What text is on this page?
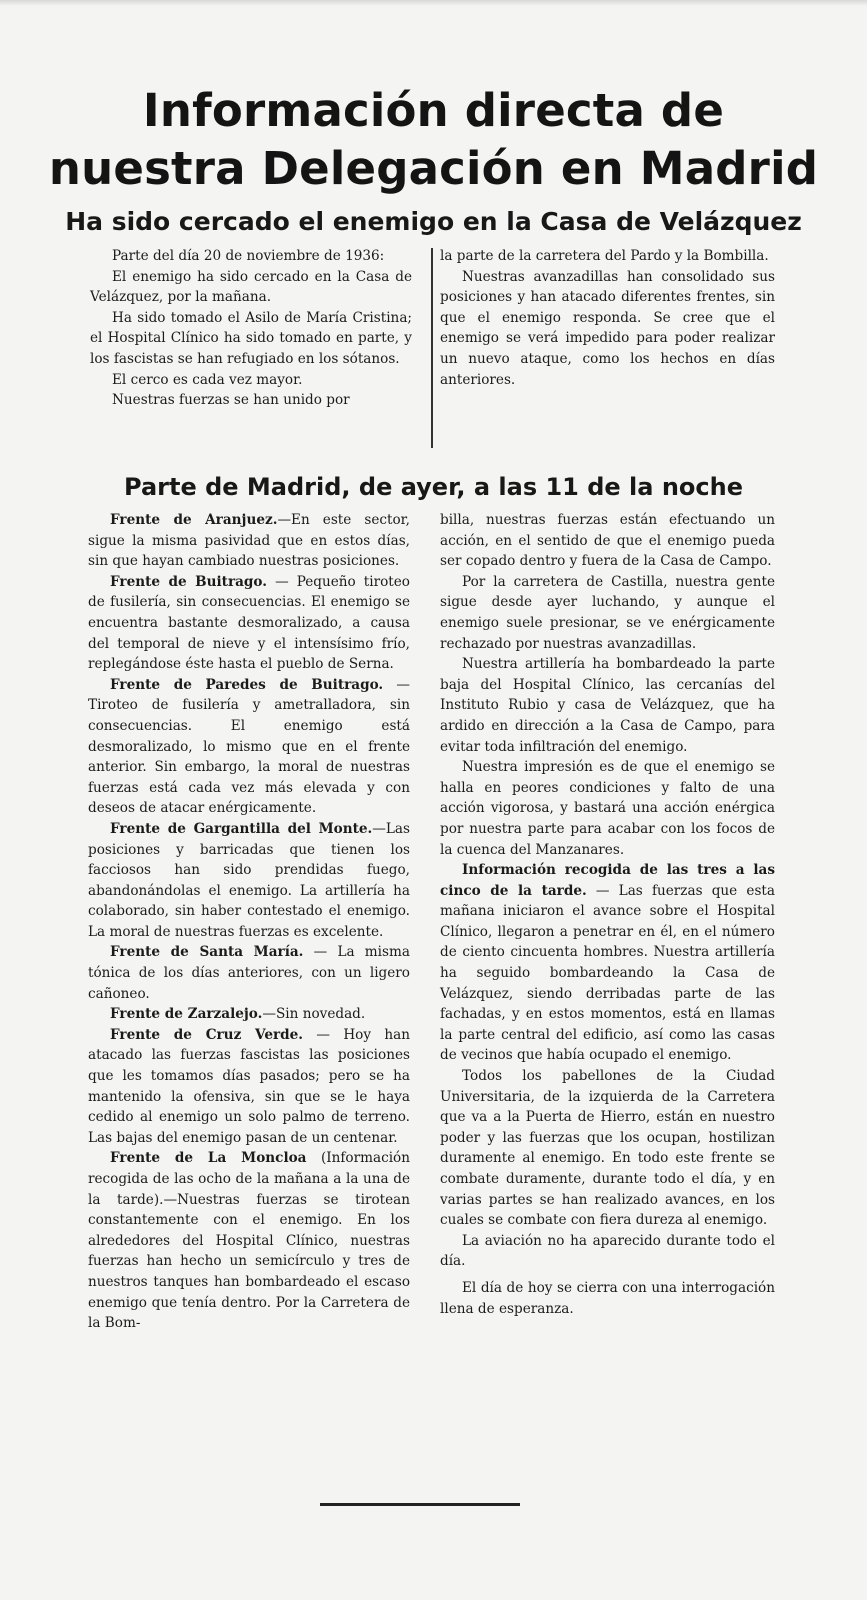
Información directa de nuestra Delegación en Madrid
Ha sido cercado el enemigo en la Casa de Velázquez

Parte del día 20 de noviembre de 1936:

El enemigo ha sido cercado en la Casa de Velázquez, por la mañana.

Ha sido tomado el Asilo de María Cristina; el Hospital Clínico ha sido tomado en parte, y los fascistas se han refugiado en los sótanos.

El cerco es cada vez mayor.

Nuestras fuerzas se han unido por

la parte de la carretera del Pardo y la Bombilla.

Nuestras avanzadillas han consolidado sus posiciones y han atacado diferentes frentes, sin que el enemigo responda. Se cree que el enemigo se verá impedido para poder realizar un nuevo ataque, como los hechos en días anteriores.

Parte de Madrid, de ayer, a las 11 de la noche

Frente de Aranjuez.—En este sector, sigue la misma pasividad que en estos días, sin que hayan cambiado nuestras posiciones.

Frente de Buitrago. — Pequeño tiroteo de fusilería, sin consecuencias. El enemigo se encuentra bastante desmoralizado, a causa del temporal de nieve y el intensísimo frío, replegándose éste hasta el pueblo de Serna.

Frente de Paredes de Buitrago. — Tiroteo de fusilería y ametralladora, sin consecuencias. El enemigo está desmoralizado, lo mismo que en el frente anterior. Sin embargo, la moral de nuestras fuerzas está cada vez más elevada y con deseos de atacar enérgicamente.

Frente de Gargantilla del Monte.—Las posiciones y barricadas que tienen los facciosos han sido prendidas fuego, abandonándolas el enemigo. La artillería ha colaborado, sin haber contestado el enemigo. La moral de nuestras fuerzas es excelente.

Frente de Santa María. — La misma tónica de los días anteriores, con un ligero cañoneo.

Frente de Zarzalejo.—Sin novedad.

Frente de Cruz Verde. — Hoy han atacado las fuerzas fascistas las posiciones que les tomamos días pasados; pero se ha mantenido la ofensiva, sin que se le haya cedido al enemigo un solo palmo de terreno. Las bajas del enemigo pasan de un centenar.

Frente de La Moncloa (Información recogida de las ocho de la mañana a la una de la tarde).—Nuestras fuerzas se tirotean constantemente con el enemigo. En los alrededores del Hospital Clínico, nuestras fuerzas han hecho un semicírculo y tres de nuestros tanques han bombardeado el escaso enemigo que tenía dentro. Por la Carretera de la Bom-

billa, nuestras fuerzas están efectuando un acción, en el sentido de que el enemigo pueda ser copado dentro y fuera de la Casa de Campo.

Por la carretera de Castilla, nuestra gente sigue desde ayer luchando, y aunque el enemigo suele presionar, se ve enérgicamente rechazado por nuestras avanzadillas.

Nuestra artillería ha bombardeado la parte baja del Hospital Clínico, las cercanías del Instituto Rubio y casa de Velázquez, que ha ardido en dirección a la Casa de Campo, para evitar toda infiltración del enemigo.

Nuestra impresión es de que el enemigo se halla en peores condiciones y falto de una acción vigorosa, y bastará una acción enérgica por nuestra parte para acabar con los focos de la cuenca del Manzanares.

Información recogida de las tres a las cinco de la tarde. — Las fuerzas que esta mañana iniciaron el avance sobre el Hospital Clínico, llegaron a penetrar en él, en el número de ciento cincuenta hombres. Nuestra artillería ha seguido bombardeando la Casa de Velázquez, siendo derribadas parte de las fachadas, y en estos momentos, está en llamas la parte central del edificio, así como las casas de vecinos que había ocupado el enemigo.

Todos los pabellones de la Ciudad Universitaria, de la izquierda de la Carretera que va a la Puerta de Hierro, están en nuestro poder y las fuerzas que los ocupan, hostilizan duramente al enemigo. En todo este frente se combate duramente, durante todo el día, y en varias partes se han realizado avances, en los cuales se combate con fiera dureza al enemigo.

La aviación no ha aparecido durante todo el día.

El día de hoy se cierra con una interrogación llena de esperanza.
